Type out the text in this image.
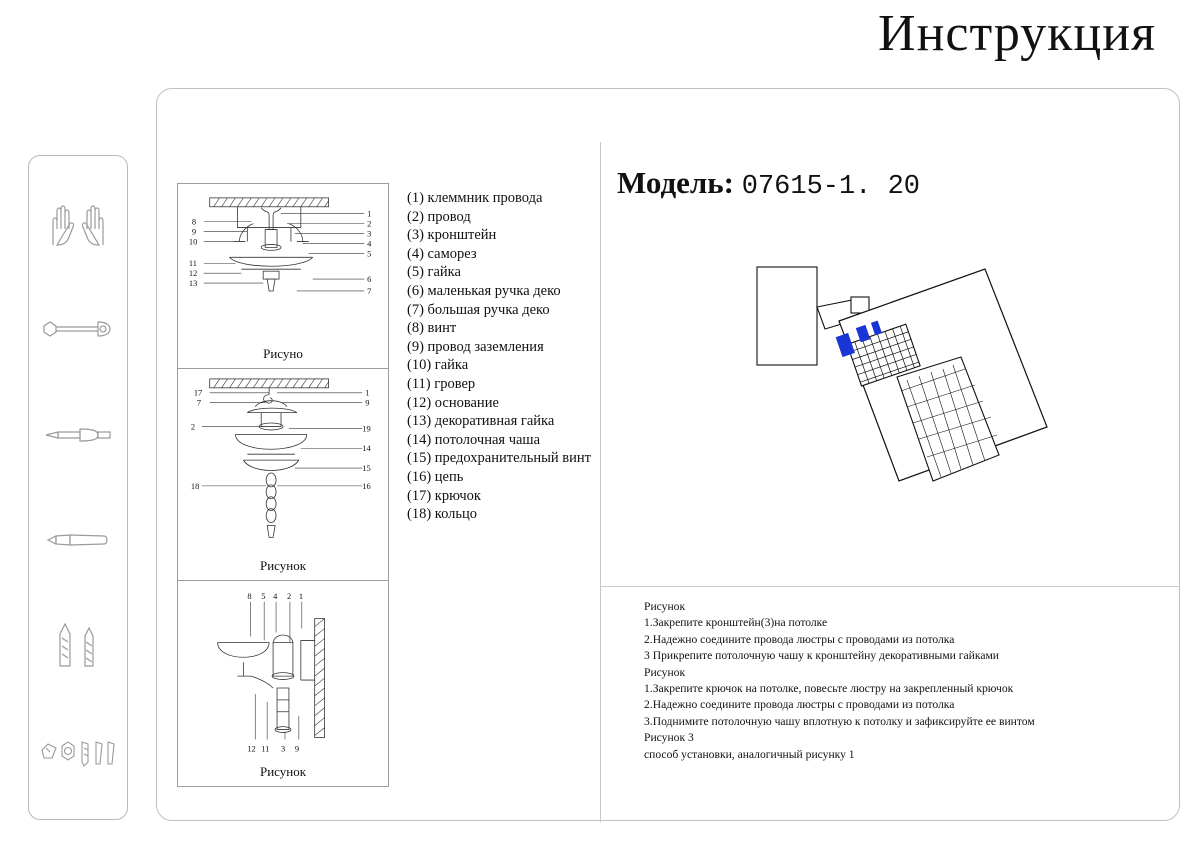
Инструкция
8
9
10
11
12
13
1
2
3
4
5
6
7
Рисуно
17
7
2
18
1
9
19
14
15
16
Рисунок
8 5 4 2 1
12 11 3 9
Рисунок
(1) клеммник провода
(2) провод
(3) кронштейн
(4) саморез
(5) гайка
(6) маленькая ручка деко
(7) большая ручка деко
(8) винт
(9) провод заземления
(10) гайка
(11) гровер
(12) основание
(13) декоративная гайка
(14) потолочная чаша
(15) предохранительный винт
(16) цепь
(17) крючок
(18) кольцо
Модель: 07615-1. 20
Рисунок
1.Закрепите кронштейн(3)на потолке
2.Надежно соедините провода люстры с проводами из потолка
3 Прикрепите потолочную чашу к кронштейну декоративными гайками
Рисунок
1.Закрепите крючок на потолке, повесьте люстру на закрепленный крючок
2.Надежно соедините провода люстры с проводами из потолка
3.Поднимите потолочную чашу вплотную к потолку и зафиксируйте ее винтом
Рисунок 3
способ установки, аналогичный рисунку 1
